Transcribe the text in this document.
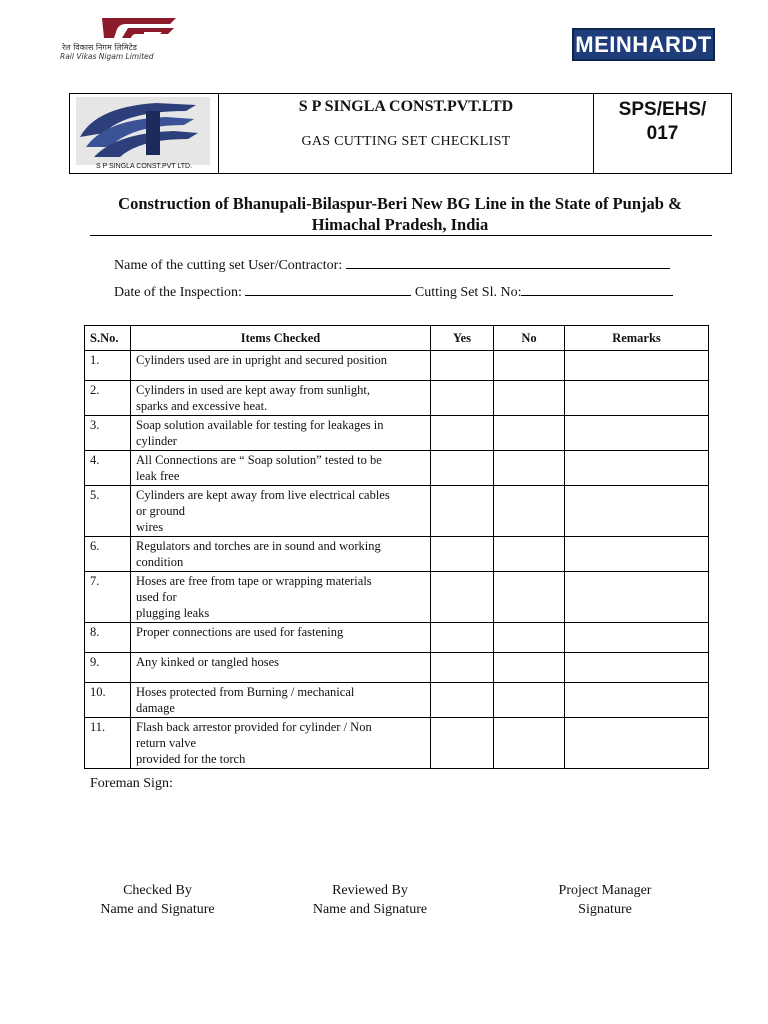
रेल विकास निगम लिमिटेड
Rail Vikas Nigam Limited	MEINHARDT
S P SINGLA CONST.PVT LTD.
S P SINGLA CONST.PVT.LTD
GAS CUTTING SET CHECKLIST
SPS/EHS/
017
Construction of Bhanupali-Bilaspur-Beri New BG Line in the State of Punjab &
Himachal Pradesh, India
Name of the cutting set User/Contractor:
Date of the Inspection:	Cutting Set Sl. No:
S.No.	Items Checked	Yes	No	Remarks
1.	Cylinders used are in upright and secured position			
2.	Cylinders in used are kept away from sunlight,
sparks and excessive heat.			
3.	Soap solution available for testing for leakages in
cylinder			
4.	All Connections are “ Soap solution” tested to be
leak free			
5.	Cylinders are kept away from live electrical cables
or ground
wires			
6.	Regulators and torches are in sound and working
condition			
7.	Hoses are free from tape or wrapping materials
used for
plugging leaks			
8.	Proper connections are used for fastening			
9.	Any kinked or tangled hoses			
10.	Hoses protected from Burning / mechanical
damage			
11.	Flash back arrestor provided for cylinder / Non
return valve
provided for the torch			
Foreman Sign:
Checked By
Name and Signature
Reviewed By
Name and Signature
Project Manager
Signature
